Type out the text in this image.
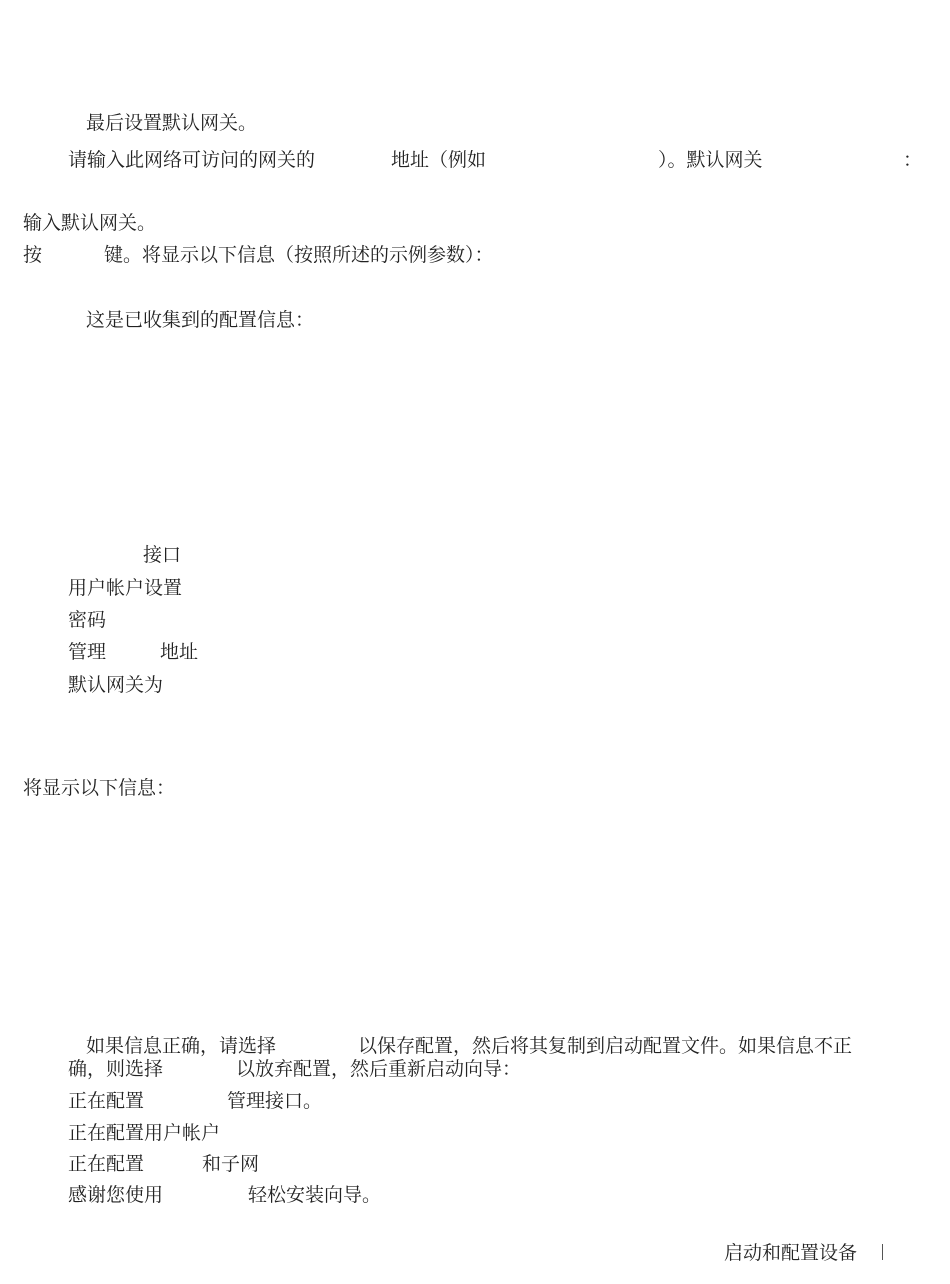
最后设置默认网关。
请输入此网络可访问的网关的	地址（例如	）。默认网关	：
输入默认网关。
按	键。将显示以下信息（按照所述的示例参数）：
这是已收集到的配置信息：
接口
用户帐户设置
密码
管理	地址
默认网关为
将显示以下信息：
如果信息正确，请选择	以保存配置，然后将其复制到启动配置文件。如果信息不正
确，则选择	以放弃配置，然后重新启动向导：
正在配置	管理接口。
正在配置用户帐户
正在配置	和子网
感谢您使用	轻松安装向导。
启动和配置设备
